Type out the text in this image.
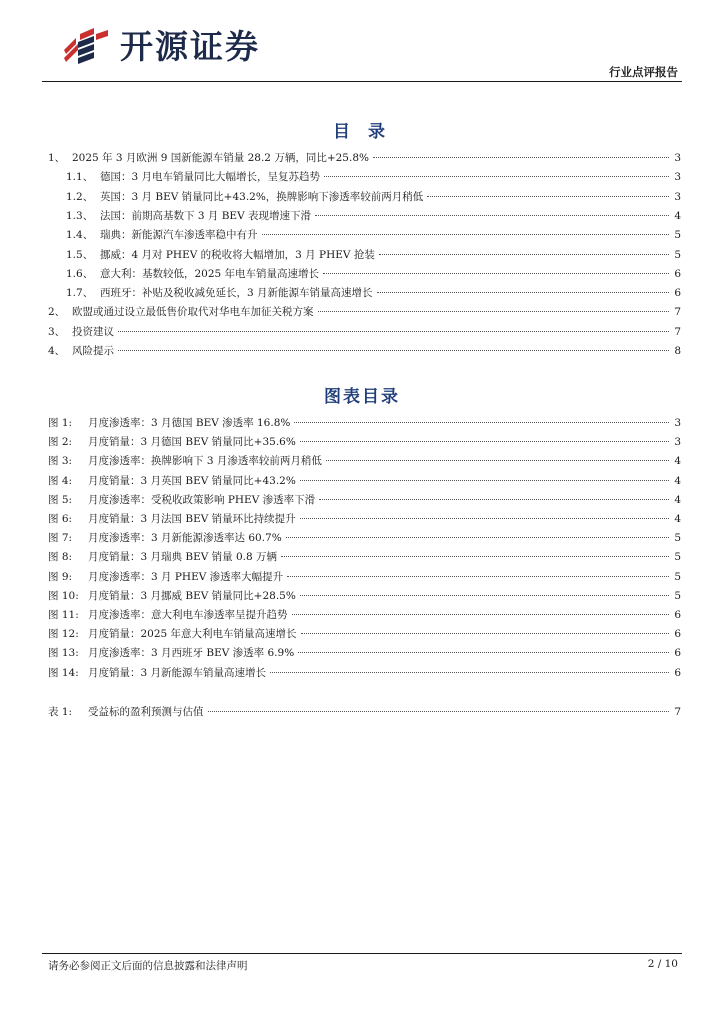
开源证券
行业点评报告
目 录
1、 2025 年 3 月欧洲 9 国新能源车销量 28.2 万辆，同比+25.8%	3
1.1、 德国：3 月电车销量同比大幅增长，呈复苏趋势	3
1.2、 英国：3 月 BEV 销量同比+43.2%，换牌影响下渗透率较前两月稍低	3
1.3、 法国：前期高基数下 3 月 BEV 表现增速下滑	4
1.4、 瑞典：新能源汽车渗透率稳中有升	5
1.5、 挪威：4 月对 PHEV 的税收将大幅增加，3 月 PHEV 抢装	5
1.6、 意大利：基数较低，2025 年电车销量高速增长	6
1.7、 西班牙：补贴及税收减免延长，3 月新能源车销量高速增长	6
2、 欧盟或通过设立最低售价取代对华电车加征关税方案	7
3、 投资建议	7
4、 风险提示	8
图表目录
图 1:	月度渗透率：3 月德国 BEV 渗透率 16.8%	3
图 2:	月度销量：3 月德国 BEV 销量同比+35.6%	3
图 3:	月度渗透率：换牌影响下 3 月渗透率较前两月稍低	4
图 4:	月度销量：3 月英国 BEV 销量同比+43.2%	4
图 5:	月度渗透率：受税收政策影响 PHEV 渗透率下滑	4
图 6:	月度销量：3 月法国 BEV 销量环比持续提升	4
图 7:	月度渗透率：3 月新能源渗透率达 60.7%	5
图 8:	月度销量：3 月瑞典 BEV 销量 0.8 万辆	5
图 9:	月度渗透率：3 月 PHEV 渗透率大幅提升	5
图 10: 月度销量：3 月挪威 BEV 销量同比+28.5%	5
图 11: 月度渗透率：意大利电车渗透率呈提升趋势	6
图 12: 月度销量：2025 年意大利电车销量高速增长	6
图 13: 月度渗透率：3 月西班牙 BEV 渗透率 6.9%	6
图 14: 月度销量：3 月新能源车销量高速增长	6
表 1:	受益标的盈利预测与估值	7
请务必参阅正文后面的信息披露和法律声明	2 / 10
